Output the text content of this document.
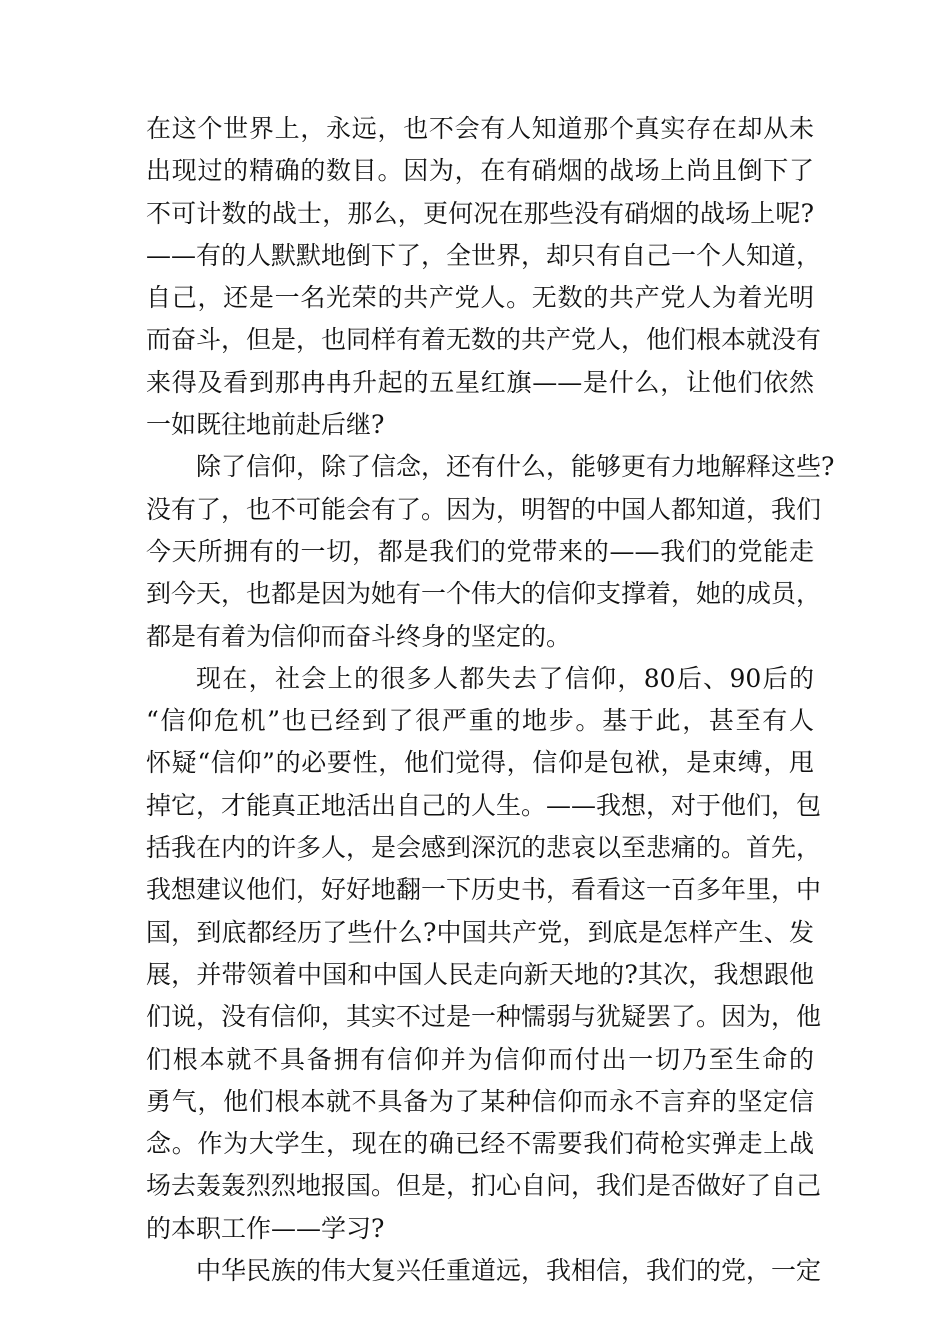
在这个世界上，永远，也不会有人知道那个真实存在却从未
出现过的精确的数目。因为，在有硝烟的战场上尚且倒下了
不可计数的战士，那么，更何况在那些没有硝烟的战场上呢?
——有的人默默地倒下了，全世界，却只有自己一个人知道，
自己，还是一名光荣的共产党人。无数的共产党人为着光明
而奋斗，但是，也同样有着无数的共产党人，他们根本就没有
来得及看到那冉冉升起的五星红旗——是什么，让他们依然
一如既往地前赴后继?
除了信仰，除了信念，还有什么，能够更有力地解释这些?
没有了，也不可能会有了。因为，明智的中国人都知道，我们
今天所拥有的一切，都是我们的党带来的——我们的党能走
到今天，也都是因为她有一个伟大的信仰支撑着，她的成员，
都是有着为信仰而奋斗终身的坚定的。
现在，社会上的很多人都失去了信仰，80后、90后的
“信仰危机”也已经到了很严重的地步。基于此，甚至有人
怀疑“信仰”的必要性，他们觉得，信仰是包袱，是束缚，甩
掉它，才能真正地活出自己的人生。——我想，对于他们，包
括我在内的许多人，是会感到深沉的悲哀以至悲痛的。首先，
我想建议他们，好好地翻一下历史书，看看这一百多年里，中
国，到底都经历了些什么?中国共产党，到底是怎样产生、发
展，并带领着中国和中国人民走向新天地的?其次，我想跟他
们说，没有信仰，其实不过是一种懦弱与犹疑罢了。因为，他
们根本就不具备拥有信仰并为信仰而付出一切乃至生命的
勇气，他们根本就不具备为了某种信仰而永不言弃的坚定信
念。作为大学生，现在的确已经不需要我们荷枪实弹走上战
场去轰轰烈烈地报国。但是，扪心自问，我们是否做好了自己
的本职工作——学习?
中华民族的伟大复兴任重道远，我相信，我们的党，一定
